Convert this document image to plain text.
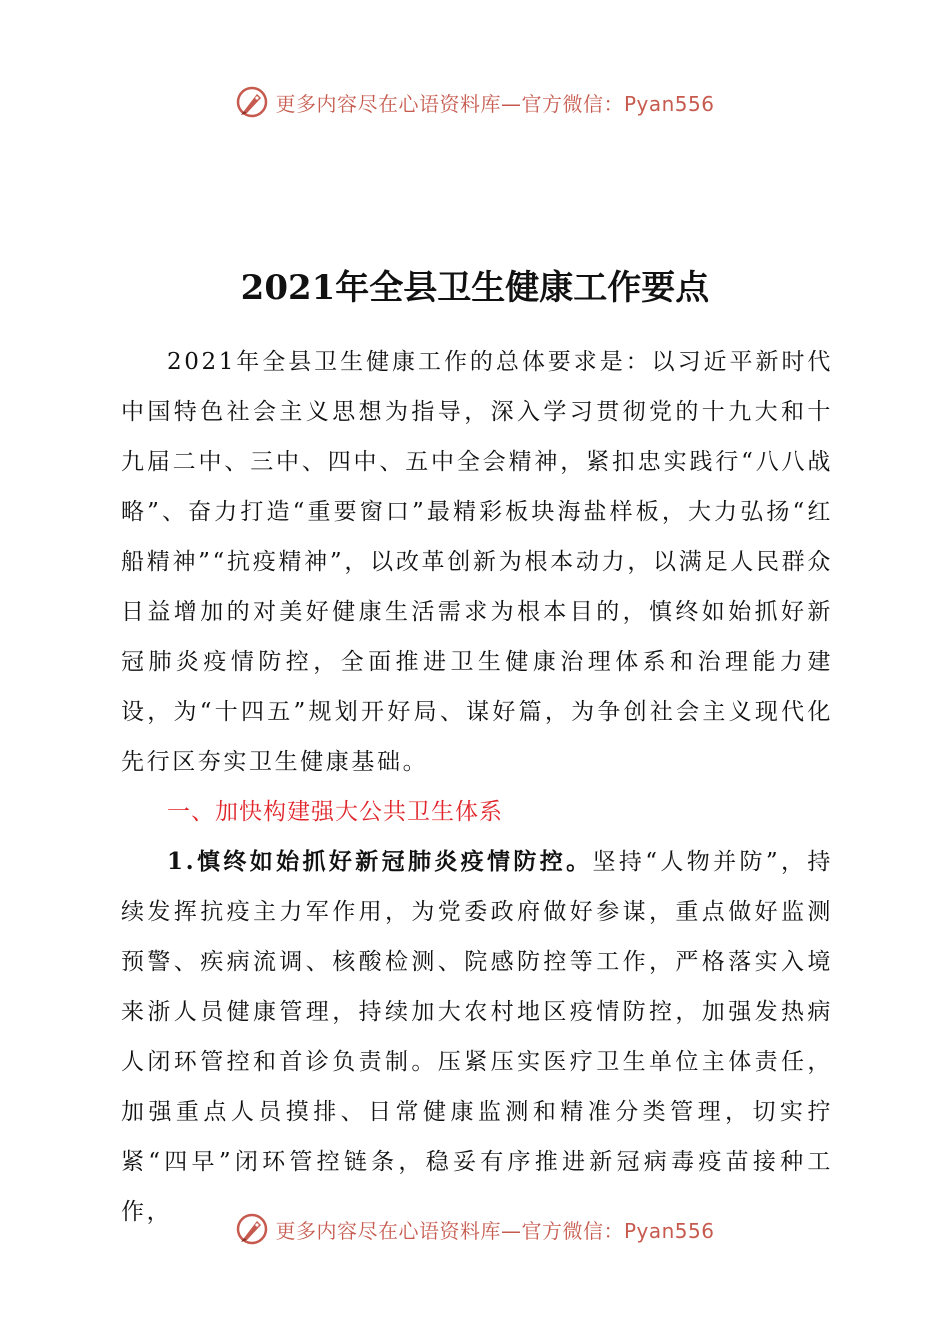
更多内容尽在心语资料库—官方微信：Pyan556
2021年全县卫生健康工作要点

2021年全县卫生健康工作的总体要求是：以习近平新时代中国特色社会主义思想为指导，深入学习贯彻党的十九大和十九届二中、三中、四中、五中全会精神，紧扣忠实践行“八八战略”、奋力打造“重要窗口”最精彩板块海盐样板，大力弘扬“红船精神”“抗疫精神”，以改革创新为根本动力，以满足人民群众日益增加的对美好健康生活需求为根本目的，慎终如始抓好新冠肺炎疫情防控，全面推进卫生健康治理体系和治理能力建设，为“十四五”规划开好局、谋好篇，为争创社会主义现代化先行区夯实卫生健康基础。

一、加快构建强大公共卫生体系

1.慎终如始抓好新冠肺炎疫情防控。坚持“人物并防”，持续发挥抗疫主力军作用，为党委政府做好参谋，重点做好监测预警、疾病流调、核酸检测、院感防控等工作，严格落实入境来浙人员健康管理，持续加大农村地区疫情防控，加强发热病人闭环管控和首诊负责制。压紧压实医疗卫生单位主体责任，加强重点人员摸排、日常健康监测和精准分类管理，切实拧紧“四早”闭环管控链条，稳妥有序推进新冠病毒疫苗接种工作，

更多内容尽在心语资料库—官方微信：Pyan556
